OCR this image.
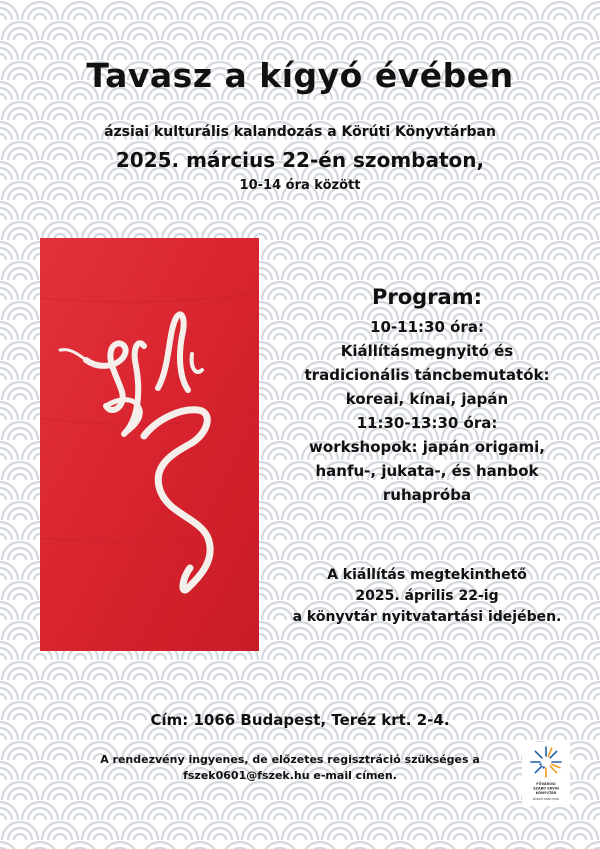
Tavasz a kígyó évében
ázsiai kulturális kalandozás a Körúti Könyvtárban
2025. március 22-én szombaton,
10-14 óra között
Program:
10-11:30 óra:
Kiállításmegnyitó és
tradicionális táncbemutatók:
koreai, kínai, japán
11:30-13:30 óra:
workshopok: japán origami,
hanfu-, jukata-, és hanbok
ruhapróba
A kiállítás megtekinthető
2025. április 22-ig
a könyvtár nyitvatartási idejében.
Cím: 1066 Budapest, Teréz krt. 2-4.
A rendezvény ingyenes, de előzetes regisztráció szükséges a
fszek0601@fszek.hu e-mail címen.
FŐVÁROSI
SZABÓ ERVIN
KÖNYVTÁR
KÖRÚTI KÖNYVTÁR
